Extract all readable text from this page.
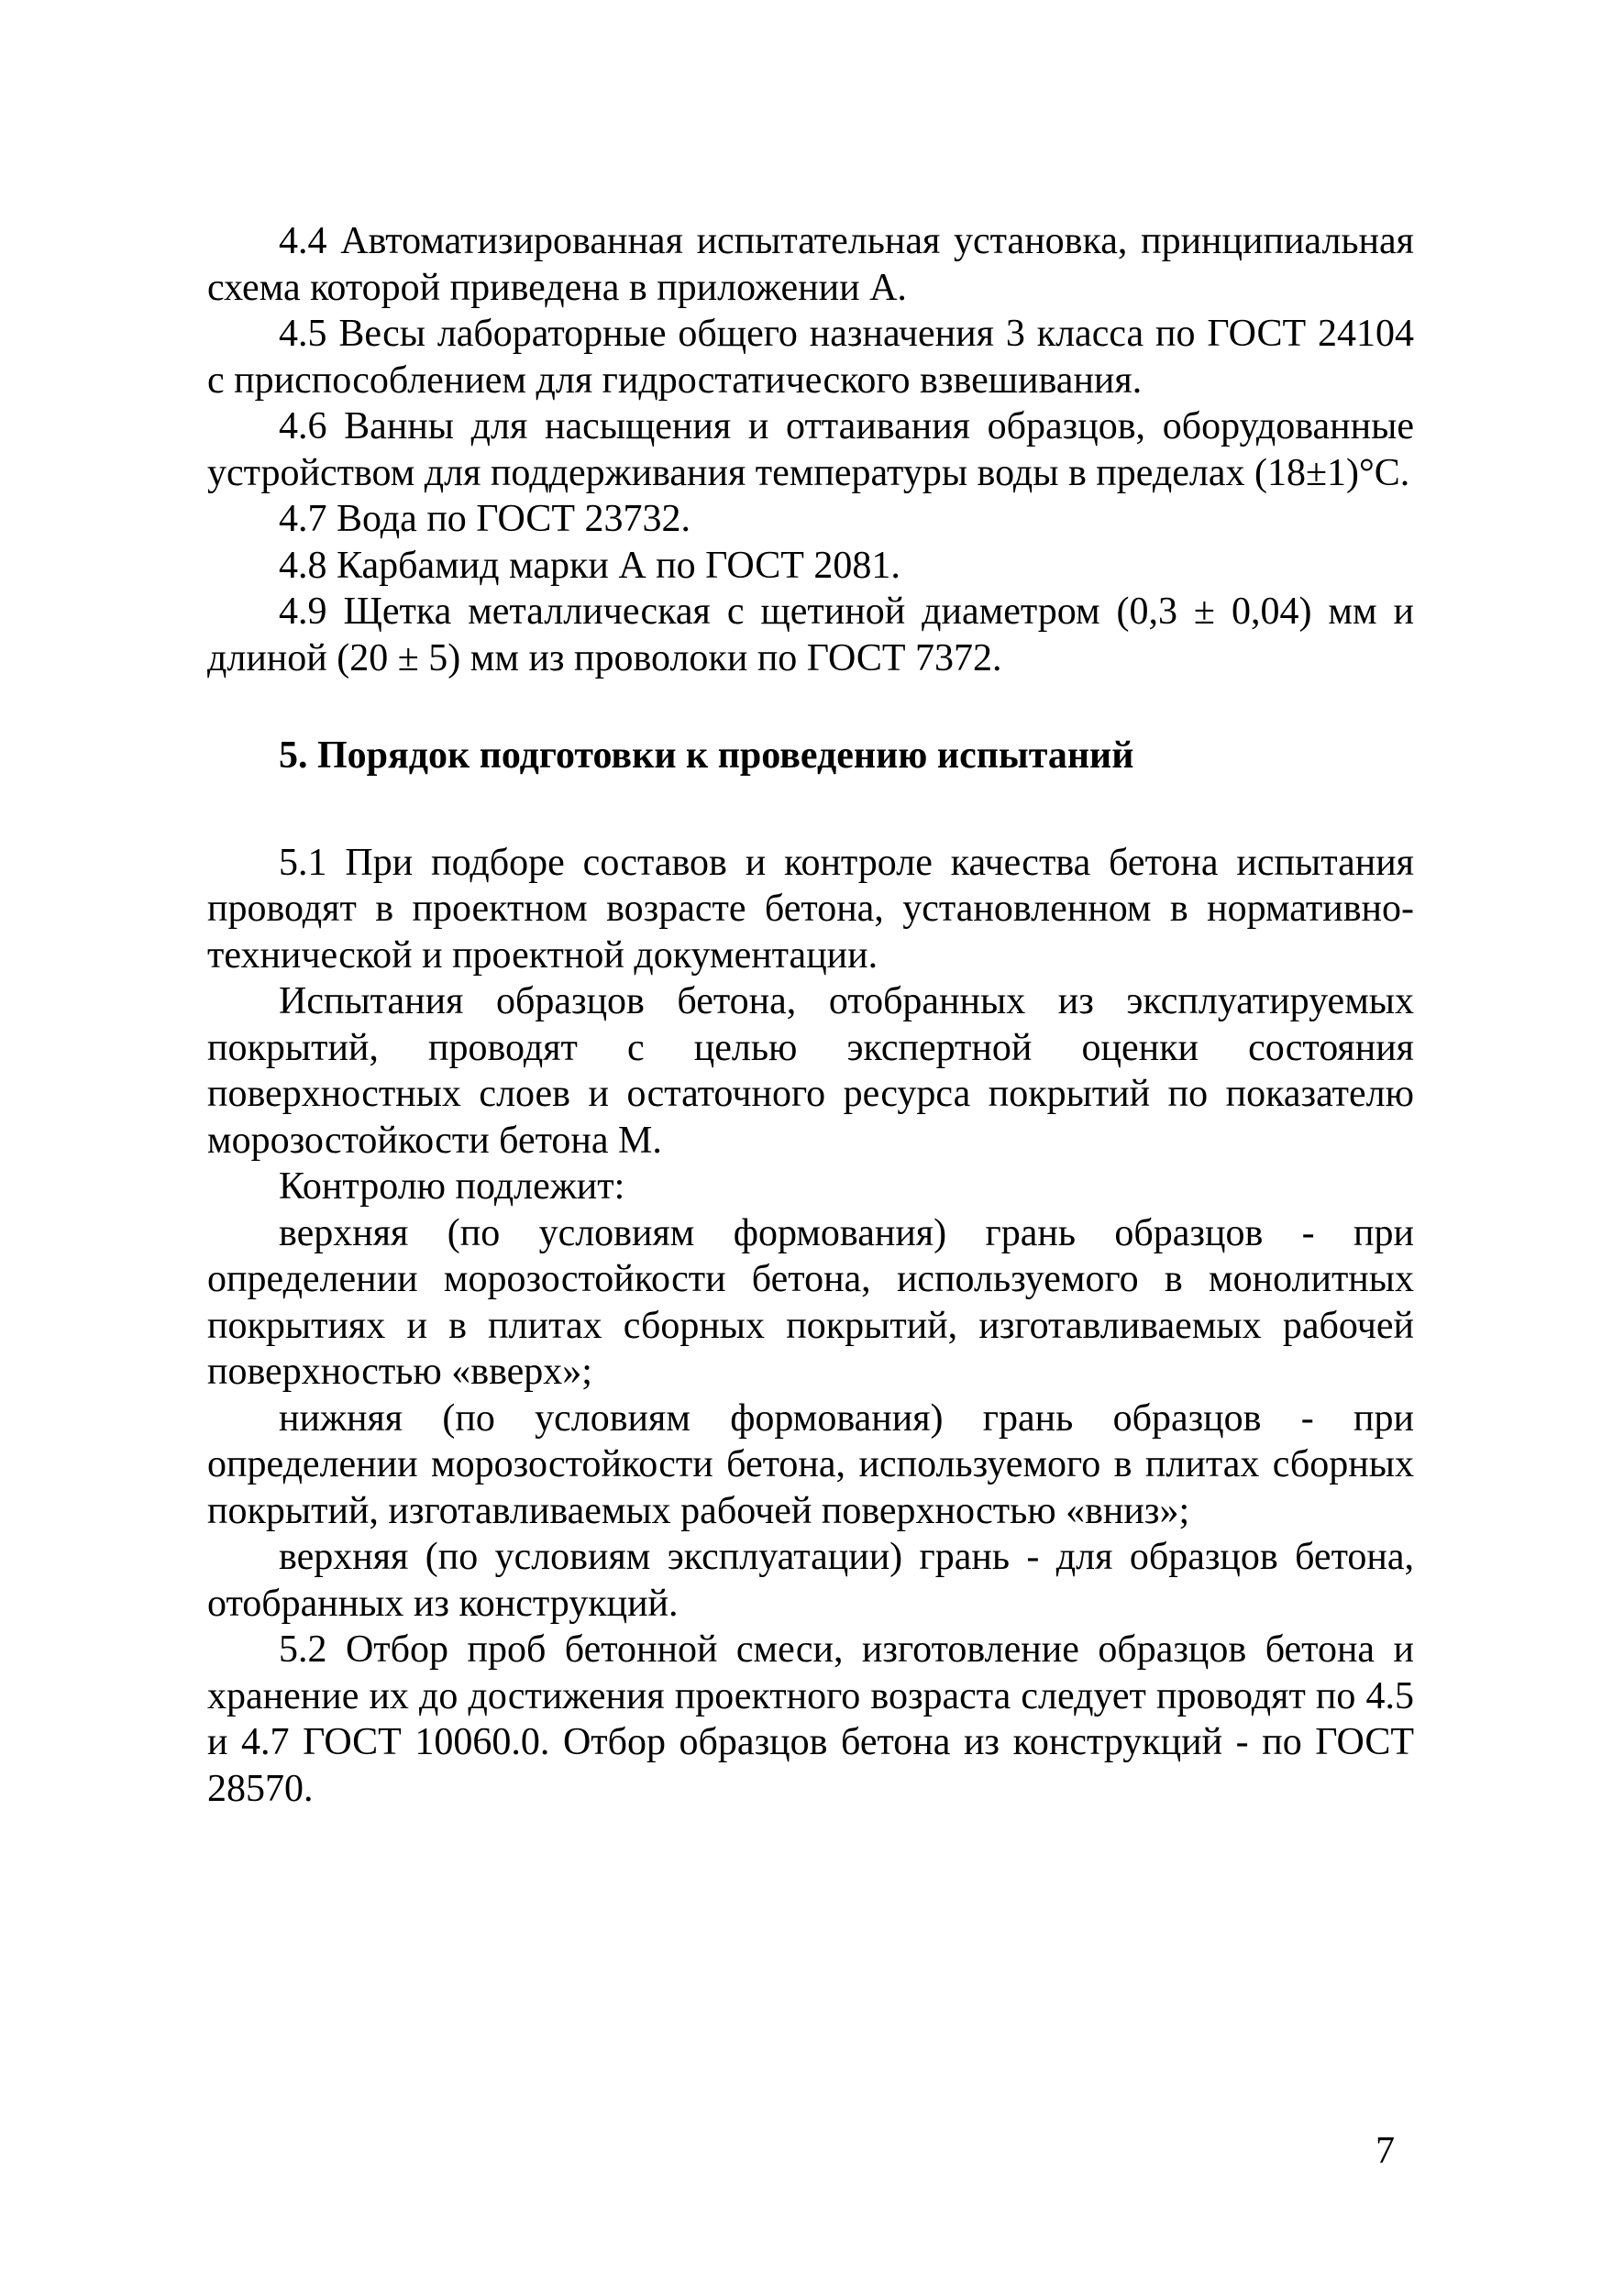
4.4 Автоматизированная испытательная установка, принципиальная схема которой приведена в приложении А.

4.5 Весы лабораторные общего назначения 3 класса по ГОСТ 24104 с приспособлением для гидростатического взвешивания.

4.6 Ванны для насыщения и оттаивания образцов, оборудованные устройством для поддерживания температуры воды в пределах (18±1)°С.

4.7 Вода по ГОСТ 23732.

4.8 Карбамид марки А по ГОСТ 2081.

4.9 Щетка металлическая с щетиной диаметром (0,3 ± 0,04) мм и длиной (20 ± 5) мм из проволоки по ГОСТ 7372.

5. Порядок подготовки к проведению испытаний

5.1 При подборе составов и контроле качества бетона испытания проводят в проектном возрасте бетона, установленном в нормативно-технической и проектной документации.

Испытания образцов бетона, отобранных из эксплуатируемых покрытий, проводят с целью экспертной оценки состояния поверхностных слоев и остаточного ресурса покрытий по показателю морозостойкости бетона М.

Контролю подлежит:

верхняя (по условиям формования) грань образцов - при определении морозостойкости бетона, используемого в монолитных покрытиях и в плитах сборных покрытий, изготавливаемых рабочей поверхностью «вверх»;

нижняя (по условиям формования) грань образцов - при определении морозостойкости бетона, используемого в плитах сборных покрытий, изготавливаемых рабочей поверхностью «вниз»;

верхняя (по условиям эксплуатации) грань - для образцов бетона, отобранных из конструкций.

5.2 Отбор проб бетонной смеси, изготовление образцов бетона и хранение их до достижения проектного возраста следует проводят по 4.5 и 4.7 ГОСТ 10060.0. Отбор образцов бетона из конструкций - по ГОСТ 28570.

7
